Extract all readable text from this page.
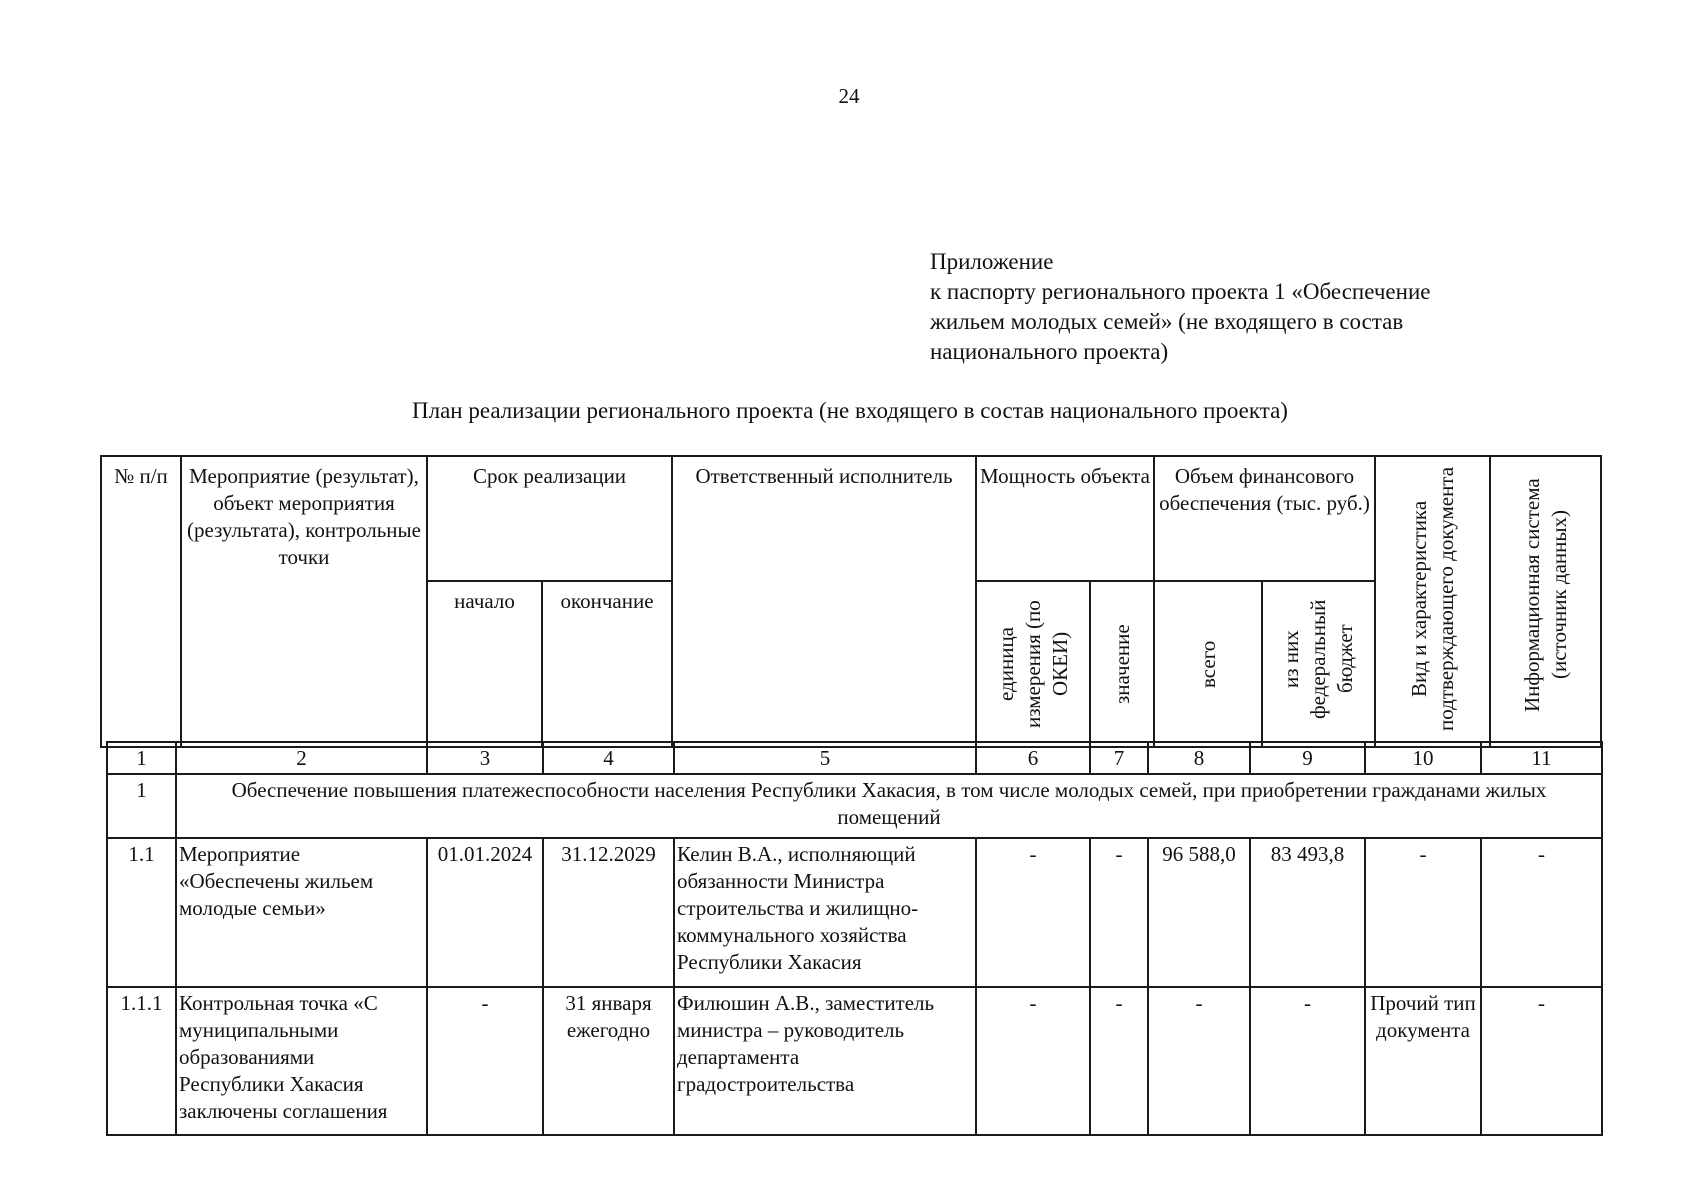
24
Приложение
к паспорту регионального проекта 1 «Обеспечение
жильем молодых семей» (не входящего в состав
национального проекта)
План реализации регионального проекта (не входящего в состав национального проекта)
№ п/п	Мероприятие (результат), объект мероприятия (результата), контрольные точки	Срок реализации		Ответственный исполнитель	Мощность объекта		Объем финансового обеспечения (тыс. руб.)		Вид и характеристика подтверждающего документа	Информационная система (источник данных)
		начало	окончание		единица измерения (по ОКЕИ)	значение	всего	из них федеральный бюджет		
1	2	3	4	5	6	7	8	9	10	11
1	Обеспечение повышения платежеспособности населения Республики Хакасия, в том числе молодых семей, при приобретении гражданами жилых помещений									
1.1	Мероприятие «Обеспечены жильем молодые семьи»	01.01.2024	31.12.2029	Келин В.А., исполняющий обязанности Министра строительства и жилищно-коммунального хозяйства Республики Хакасия	-	-	96 588,0	83 493,8	-	-
1.1.1	Контрольная точка «С муниципальными образованиями Республики Хакасия заключены соглашения	-	31 января ежегодно	Филюшин А.В., заместитель министра – руководитель департамента градостроительства	-	-	-	-	Прочий тип документа	-
